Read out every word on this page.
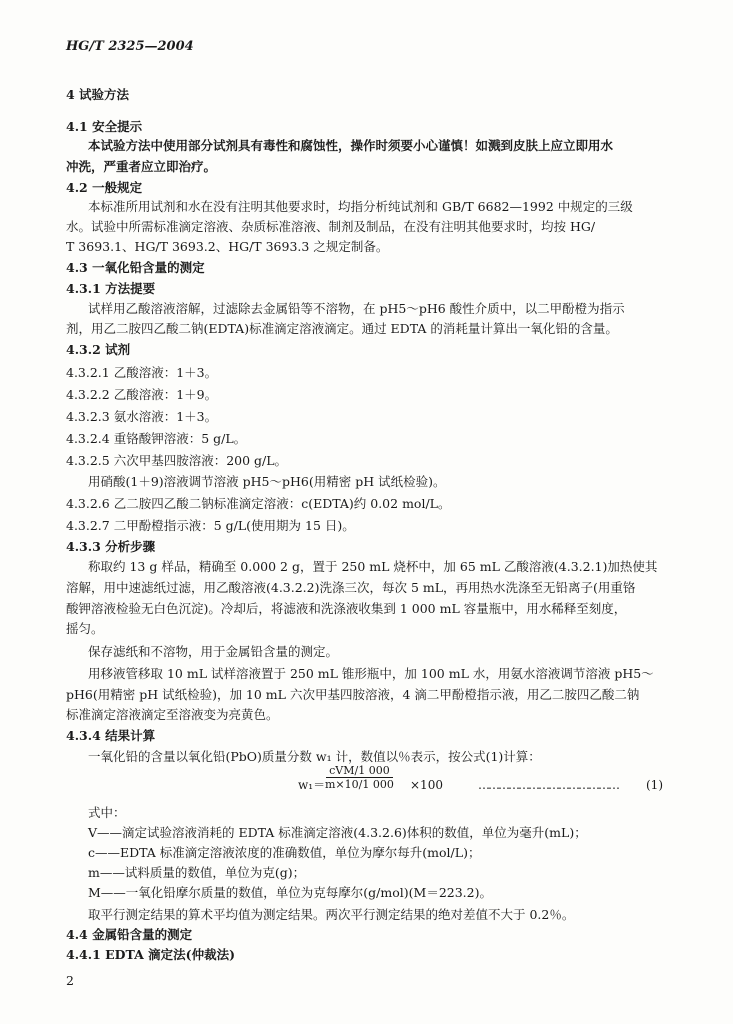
HG/T 2325—2004
4 试验方法
4.1 安全提示
本试验方法中使用部分试剂具有毒性和腐蚀性，操作时须要小心谨慎！如溅到皮肤上应立即用水
冲洗，严重者应立即治疗。
4.2 一般规定
本标准所用试剂和水在没有注明其他要求时，均指分析纯试剂和 GB/T 6682—1992 中规定的三级
水。试验中所需标准滴定溶液、杂质标准溶液、制剂及制品，在没有注明其他要求时，均按 HG/
T 3693.1、HG/T 3693.2、HG/T 3693.3 之规定制备。
4.3 一氧化铅含量的测定
4.3.1 方法提要
试样用乙酸溶液溶解，过滤除去金属铅等不溶物，在 pH5～pH6 酸性介质中，以二甲酚橙为指示
剂，用乙二胺四乙酸二钠(EDTA)标准滴定溶液滴定。通过 EDTA 的消耗量计算出一氧化铅的含量。
4.3.2 试剂
4.3.2.1 乙酸溶液：1＋3。
4.3.2.2 乙酸溶液：1＋9。
4.3.2.3 氨水溶液：1＋3。
4.3.2.4 重铬酸钾溶液：5 g/L。
4.3.2.5 六次甲基四胺溶液：200 g/L。
用硝酸(1＋9)溶液调节溶液 pH5～pH6(用精密 pH 试纸检验)。
4.3.2.6 乙二胺四乙酸二钠标准滴定溶液：c(EDTA)约 0.02 mol/L。
4.3.2.7 二甲酚橙指示液：5 g/L(使用期为 15 日)。
4.3.3 分析步骤
称取约 13 g 样品，精确至 0.000 2 g，置于 250 mL 烧杯中，加 65 mL 乙酸溶液(4.3.2.1)加热使其
溶解，用中速滤纸过滤，用乙酸溶液(4.3.2.2)洗涤三次，每次 5 mL，再用热水洗涤至无铅离子(用重铬
酸钾溶液检验无白色沉淀)。冷却后，将滤液和洗涤液收集到 1 000 mL 容量瓶中，用水稀释至刻度，
摇匀。
保存滤纸和不溶物，用于金属铅含量的测定。
用移液管移取 10 mL 试样溶液置于 250 mL 锥形瓶中，加 100 mL 水，用氨水溶液调节溶液 pH5～
pH6(用精密 pH 试纸检验)，加 10 mL 六次甲基四胺溶液，4 滴二甲酚橙指示液，用乙二胺四乙酸二钠
标准滴定溶液滴定至溶液变为亮黄色。
4.3.4 结果计算
一氧化铅的含量以氧化铅(PbO)质量分数 w₁ 计，数值以％表示，按公式(1)计算：
w₁＝
cVM/1 000
m×10/1 000 ×100	…………………………………… (1)
式中：
V——滴定试验溶液消耗的 EDTA 标准滴定溶液(4.3.2.6)体积的数值，单位为毫升(mL)；
c——EDTA 标准滴定溶液浓度的准确数值，单位为摩尔每升(mol/L)；
m——试料质量的数值，单位为克(g)；
M——一氧化铅摩尔质量的数值，单位为克每摩尔(g/mol)(M＝223.2)。
取平行测定结果的算术平均值为测定结果。两次平行测定结果的绝对差值不大于 0.2％。
4.4 金属铅含量的测定
4.4.1 EDTA 滴定法(仲裁法)
2
